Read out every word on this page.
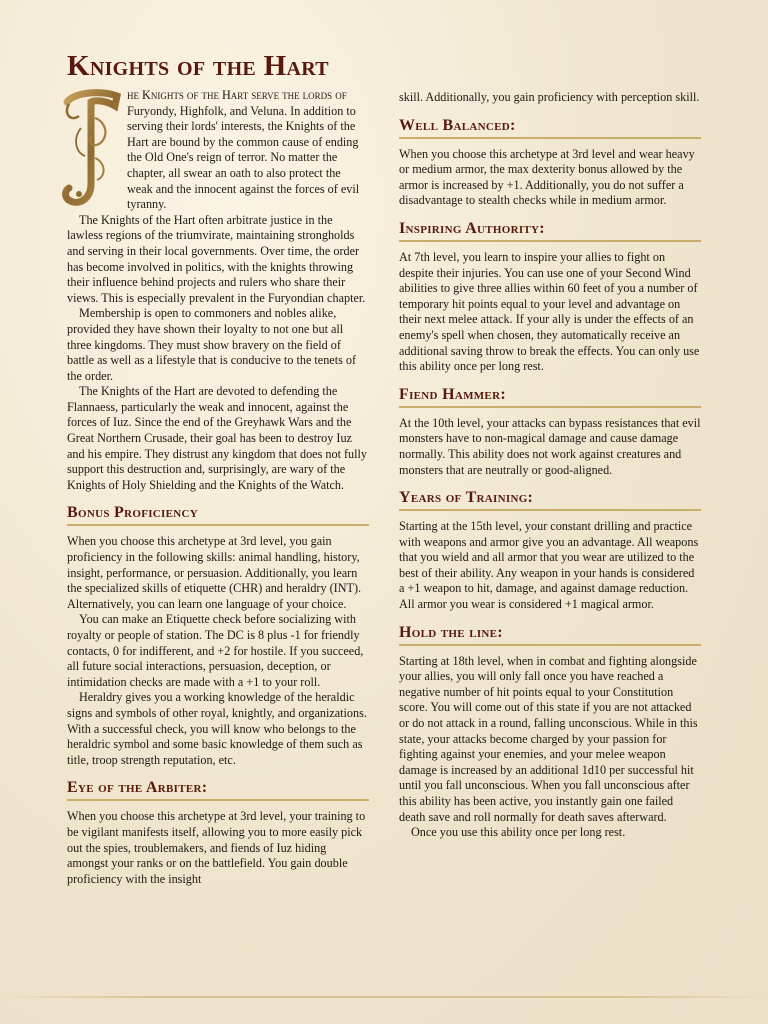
Knights of the Hart

he Knights of the Hart serve the lords of Furyondy, Highfolk, and Veluna. In addition to serving their lords' interests, the Knights of the Hart are bound by the common cause of ending the Old One's reign of terror. No matter the chapter, all swear an oath to also protect the weak and the innocent against the forces of evil tyranny.

The Knights of the Hart often arbitrate justice in the lawless regions of the triumvirate, maintaining strongholds and serving in their local governments. Over time, the order has become involved in politics, with the knights throwing their influence behind projects and rulers who share their views. This is especially prevalent in the Furyondian chapter.

Membership is open to commoners and nobles alike, provided they have shown their loyalty to not one but all three kingdoms. They must show bravery on the field of battle as well as a lifestyle that is conducive to the tenets of the order.

The Knights of the Hart are devoted to defending the Flannaess, particularly the weak and innocent, against the forces of Iuz. Since the end of the Greyhawk Wars and the Great Northern Crusade, their goal has been to destroy Iuz and his empire. They distrust any kingdom that does not fully support this destruction and, surprisingly, are wary of the Knights of Holy Shielding and the Knights of the Watch.

Bonus Proficiency

When you choose this archetype at 3rd level, you gain proficiency in the following skills: animal handling, history, insight, performance, or persuasion. Additionally, you learn the specialized skills of etiquette (CHR) and heraldry (INT). Alternatively, you can learn one language of your choice.

You can make an Etiquette check before socializing with royalty or people of station. The DC is 8 plus -1 for friendly contacts, 0 for indifferent, and +2 for hostile. If you succeed, all future social interactions, persuasion, deception, or intimidation checks are made with a +1 to your roll.

Heraldry gives you a working knowledge of the heraldic signs and symbols of other royal, knightly, and organizations. With a successful check, you will know who belongs to the heraldric symbol and some basic knowledge of them such as title, troop strength reputation, etc.

Eye of the Arbiter:

When you choose this archetype at 3rd level, your training to be vigilant manifests itself, allowing you to more easily pick out the spies, troublemakers, and fiends of Iuz hiding amongst your ranks or on the battlefield. You gain double proficiency with the insight

skill. Additionally, you gain proficiency with perception skill.

Well Balanced:

When you choose this archetype at 3rd level and wear heavy or medium armor, the max dexterity bonus allowed by the armor is increased by +1. Additionally, you do not suffer a disadvantage to stealth checks while in medium armor.

Inspiring Authority:

At 7th level, you learn to inspire your allies to fight on despite their injuries. You can use one of your Second Wind abilities to give three allies within 60 feet of you a number of temporary hit points equal to your level and advantage on their next melee attack. If your ally is under the effects of an enemy's spell when chosen, they automatically receive an additional saving throw to break the effects. You can only use this ability once per long rest.

Fiend Hammer:

At the 10th level, your attacks can bypass resistances that evil monsters have to non-magical damage and cause damage normally. This ability does not work against creatures and monsters that are neutrally or good-aligned.

Years of Training:

Starting at the 15th level, your constant drilling and practice with weapons and armor give you an advantage. All weapons that you wield and all armor that you wear are utilized to the best of their ability. Any weapon in your hands is considered a +1 weapon to hit, damage, and against damage reduction. All armor you wear is considered +1 magical armor.

Hold the line:

Starting at 18th level, when in combat and fighting alongside your allies, you will only fall once you have reached a negative number of hit points equal to your Constitution score. You will come out of this state if you are not attacked or do not attack in a round, falling unconscious. While in this state, your attacks become charged by your passion for fighting against your enemies, and your melee weapon damage is increased by an additional 1d10 per successful hit until you fall unconscious. When you fall unconscious after this ability has been active, you instantly gain one failed death save and roll normally for death saves afterward.

Once you use this ability once per long rest.
